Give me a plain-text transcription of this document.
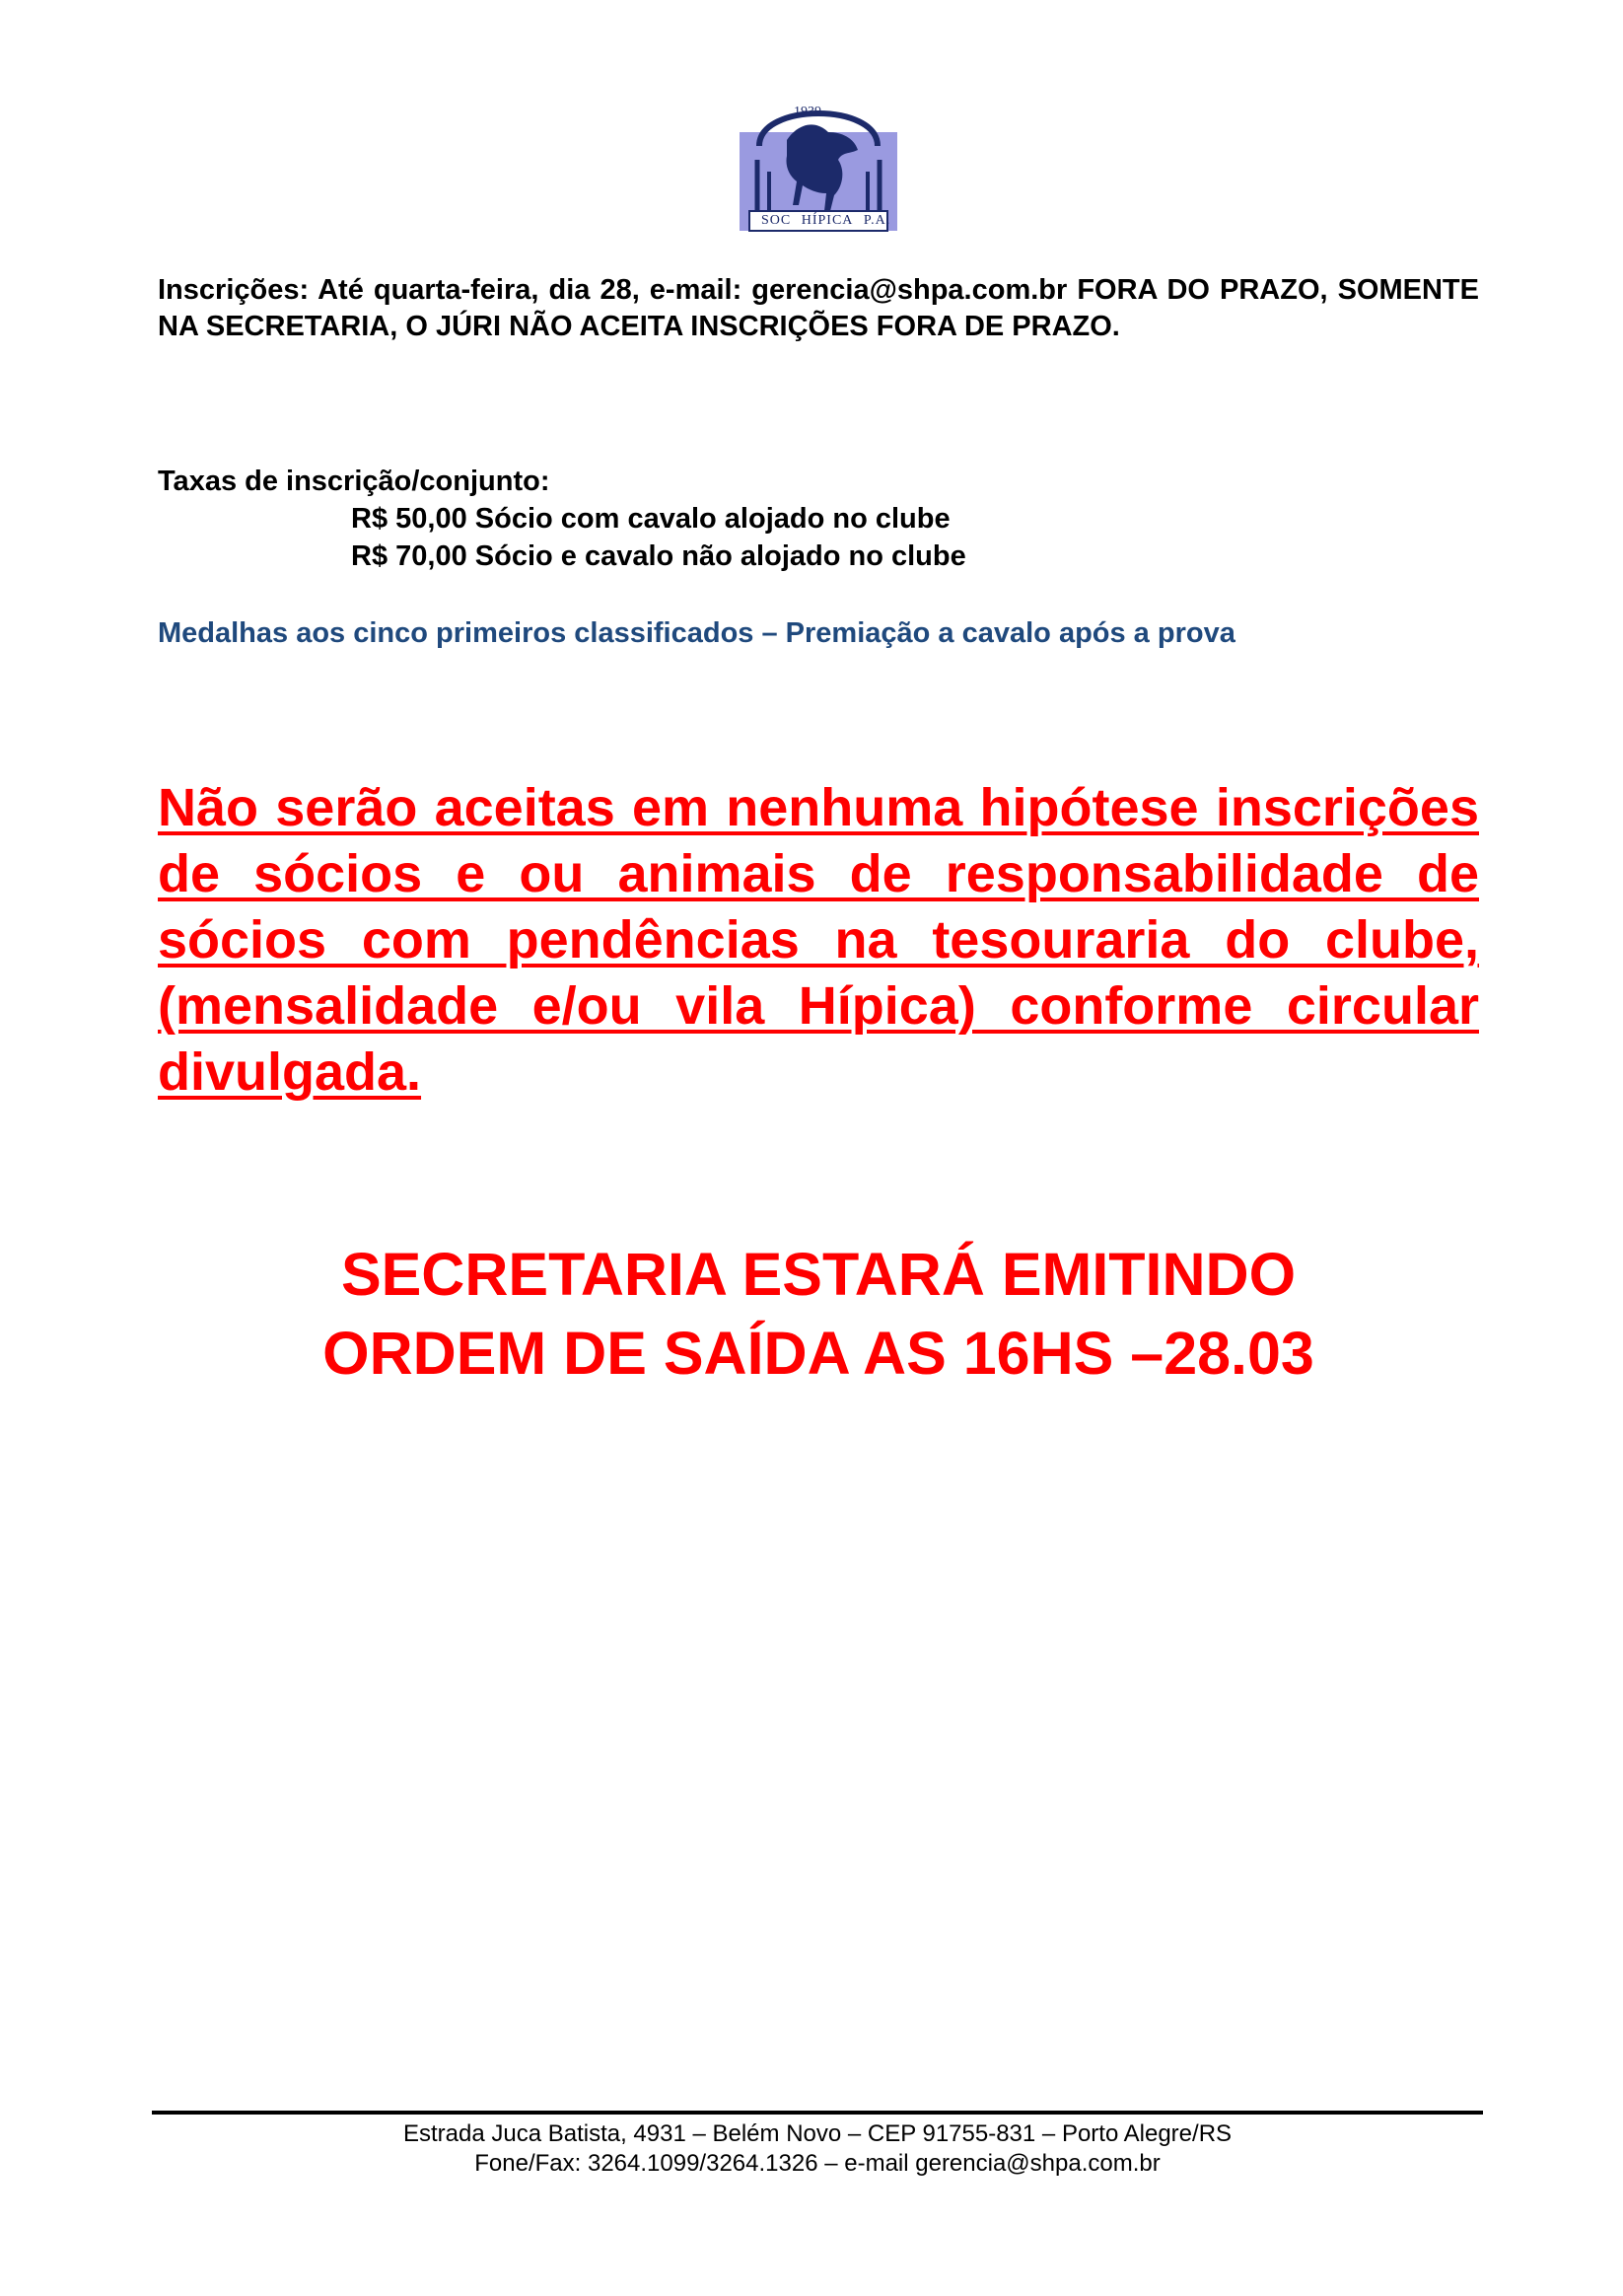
1939
SOC HÍPICA P.A.
Inscrições: Até quarta-feira, dia 28, e-mail: gerencia@shpa.com.br FORA DO PRAZO, SOMENTE NA SECRETARIA, O JÚRI NÃO ACEITA INSCRIÇÕES FORA DE PRAZO.
Taxas de inscrição/conjunto:
R$ 50,00 Sócio com cavalo alojado no clube
R$ 70,00 Sócio e cavalo não alojado no clube
Medalhas aos cinco primeiros classificados – Premiação a cavalo após a prova
Não serão aceitas em nenhuma hipótese inscrições de sócios e ou animais de responsabilidade de sócios com pendências na tesouraria do clube, (mensalidade e/ou vila Hípica) conforme circular divulgada.
SECRETARIA ESTARÁ EMITINDO
ORDEM DE SAÍDA AS 16HS –28.03
Estrada Juca Batista, 4931 – Belém Novo – CEP 91755-831 – Porto Alegre/RS
Fone/Fax: 3264.1099/3264.1326 – e-mail gerencia@shpa.com.br
